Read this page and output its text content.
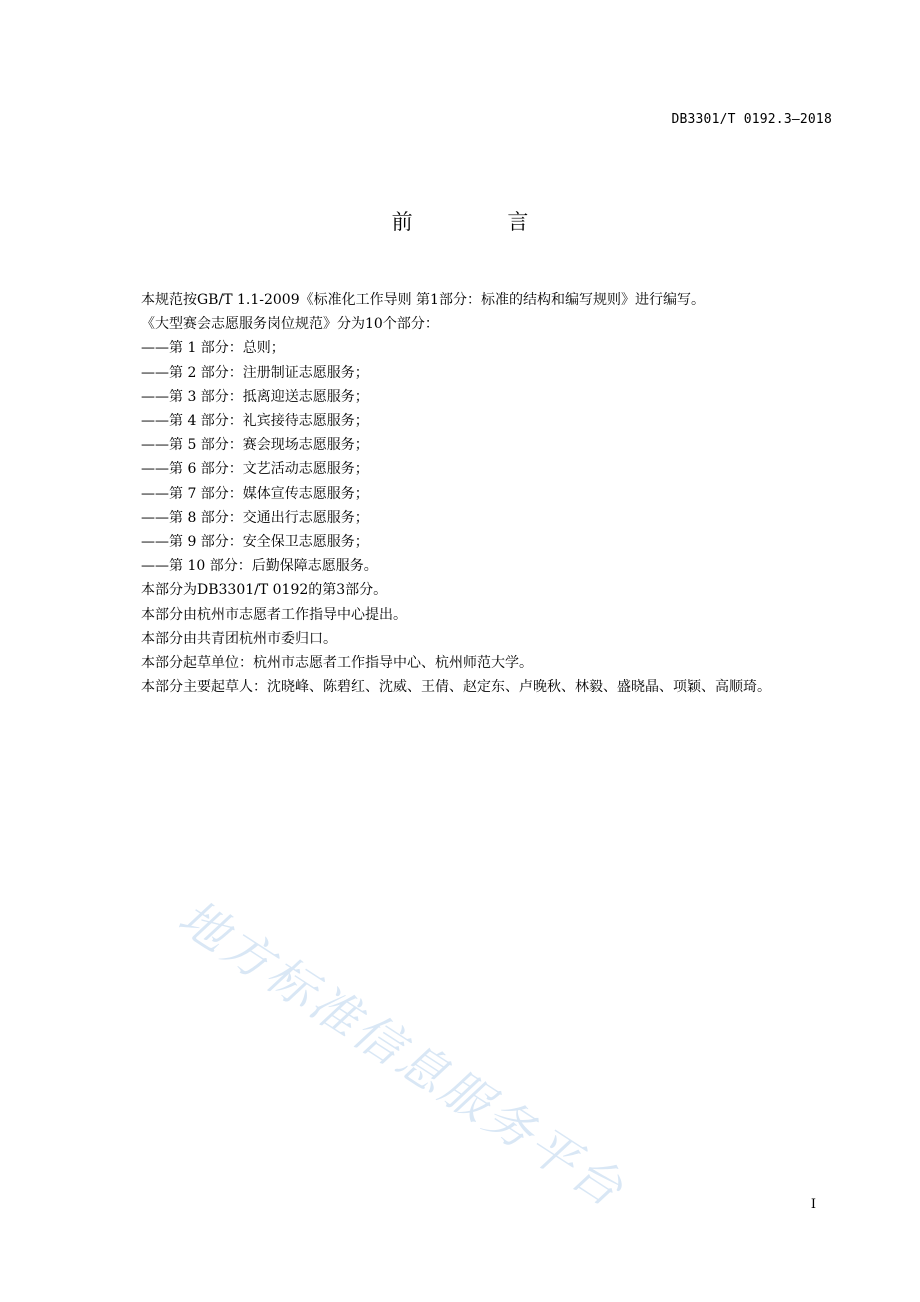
DB3301/T 0192.3—2018
前 言

本规范按GB/T 1.1-2009《标准化工作导则 第1部分：标准的结构和编写规则》进行编写。

《大型赛会志愿服务岗位规范》分为10个部分：

——第 1 部分：总则；

——第 2 部分：注册制证志愿服务；

——第 3 部分：抵离迎送志愿服务；

——第 4 部分：礼宾接待志愿服务；

——第 5 部分：赛会现场志愿服务；

——第 6 部分：文艺活动志愿服务；

——第 7 部分：媒体宣传志愿服务；

——第 8 部分：交通出行志愿服务；

——第 9 部分：安全保卫志愿服务；

——第 10 部分：后勤保障志愿服务。

本部分为DB3301/T 0192的第3部分。

本部分由杭州市志愿者工作指导中心提出。

本部分由共青团杭州市委归口。

本部分起草单位：杭州市志愿者工作指导中心、杭州师范大学。

本部分主要起草人：沈晓峰、陈碧红、沈威、王倩、赵定东、卢晚秋、林毅、盛晓晶、项颖、高顺琦。

地方标准信息服务平台	I
